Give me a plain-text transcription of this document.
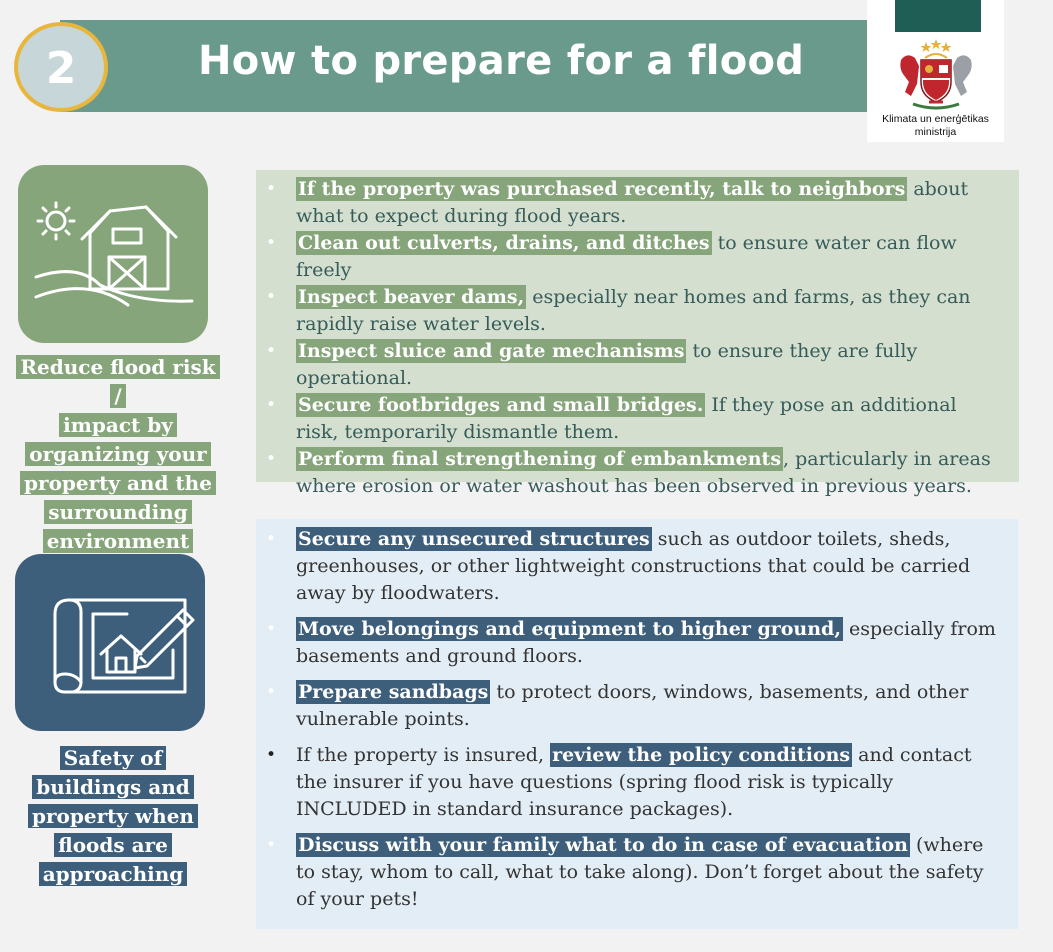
2	How to prepare for a flood
Klimata un enerģētikas
ministrija
Reduce flood risk /
impact by
organizing your
property and the
surrounding
environment
• If the property was purchased recently, talk to neighbors about what to expect during flood years.
• Clean out culverts, drains, and ditches to ensure water can flow freely
• Inspect beaver dams, especially near homes and farms, as they can rapidly raise water levels.
• Inspect sluice and gate mechanisms to ensure they are fully operational.
• Secure footbridges and small bridges. If they pose an additional risk, temporarily dismantle them.
• Perform final strengthening of embankments , particularly in areas where erosion or water washout has been observed in previous years.
Safety of
buildings and
property when
floods are
approaching
• Secure any unsecured structures such as outdoor toilets, sheds, greenhouses, or other lightweight constructions that could be carried away by floodwaters.
• Move belongings and equipment to higher ground, especially from basements and ground floors.
• Prepare sandbags to protect doors, windows, basements, and other vulnerable points.
• If the property is insured, review the policy conditions and contact the insurer if you have questions (spring flood risk is typically INCLUDED in standard insurance packages).
• Discuss with your family what to do in case of evacuation (where to stay, whom to call, what to take along). Don’t forget about the safety of your pets!
